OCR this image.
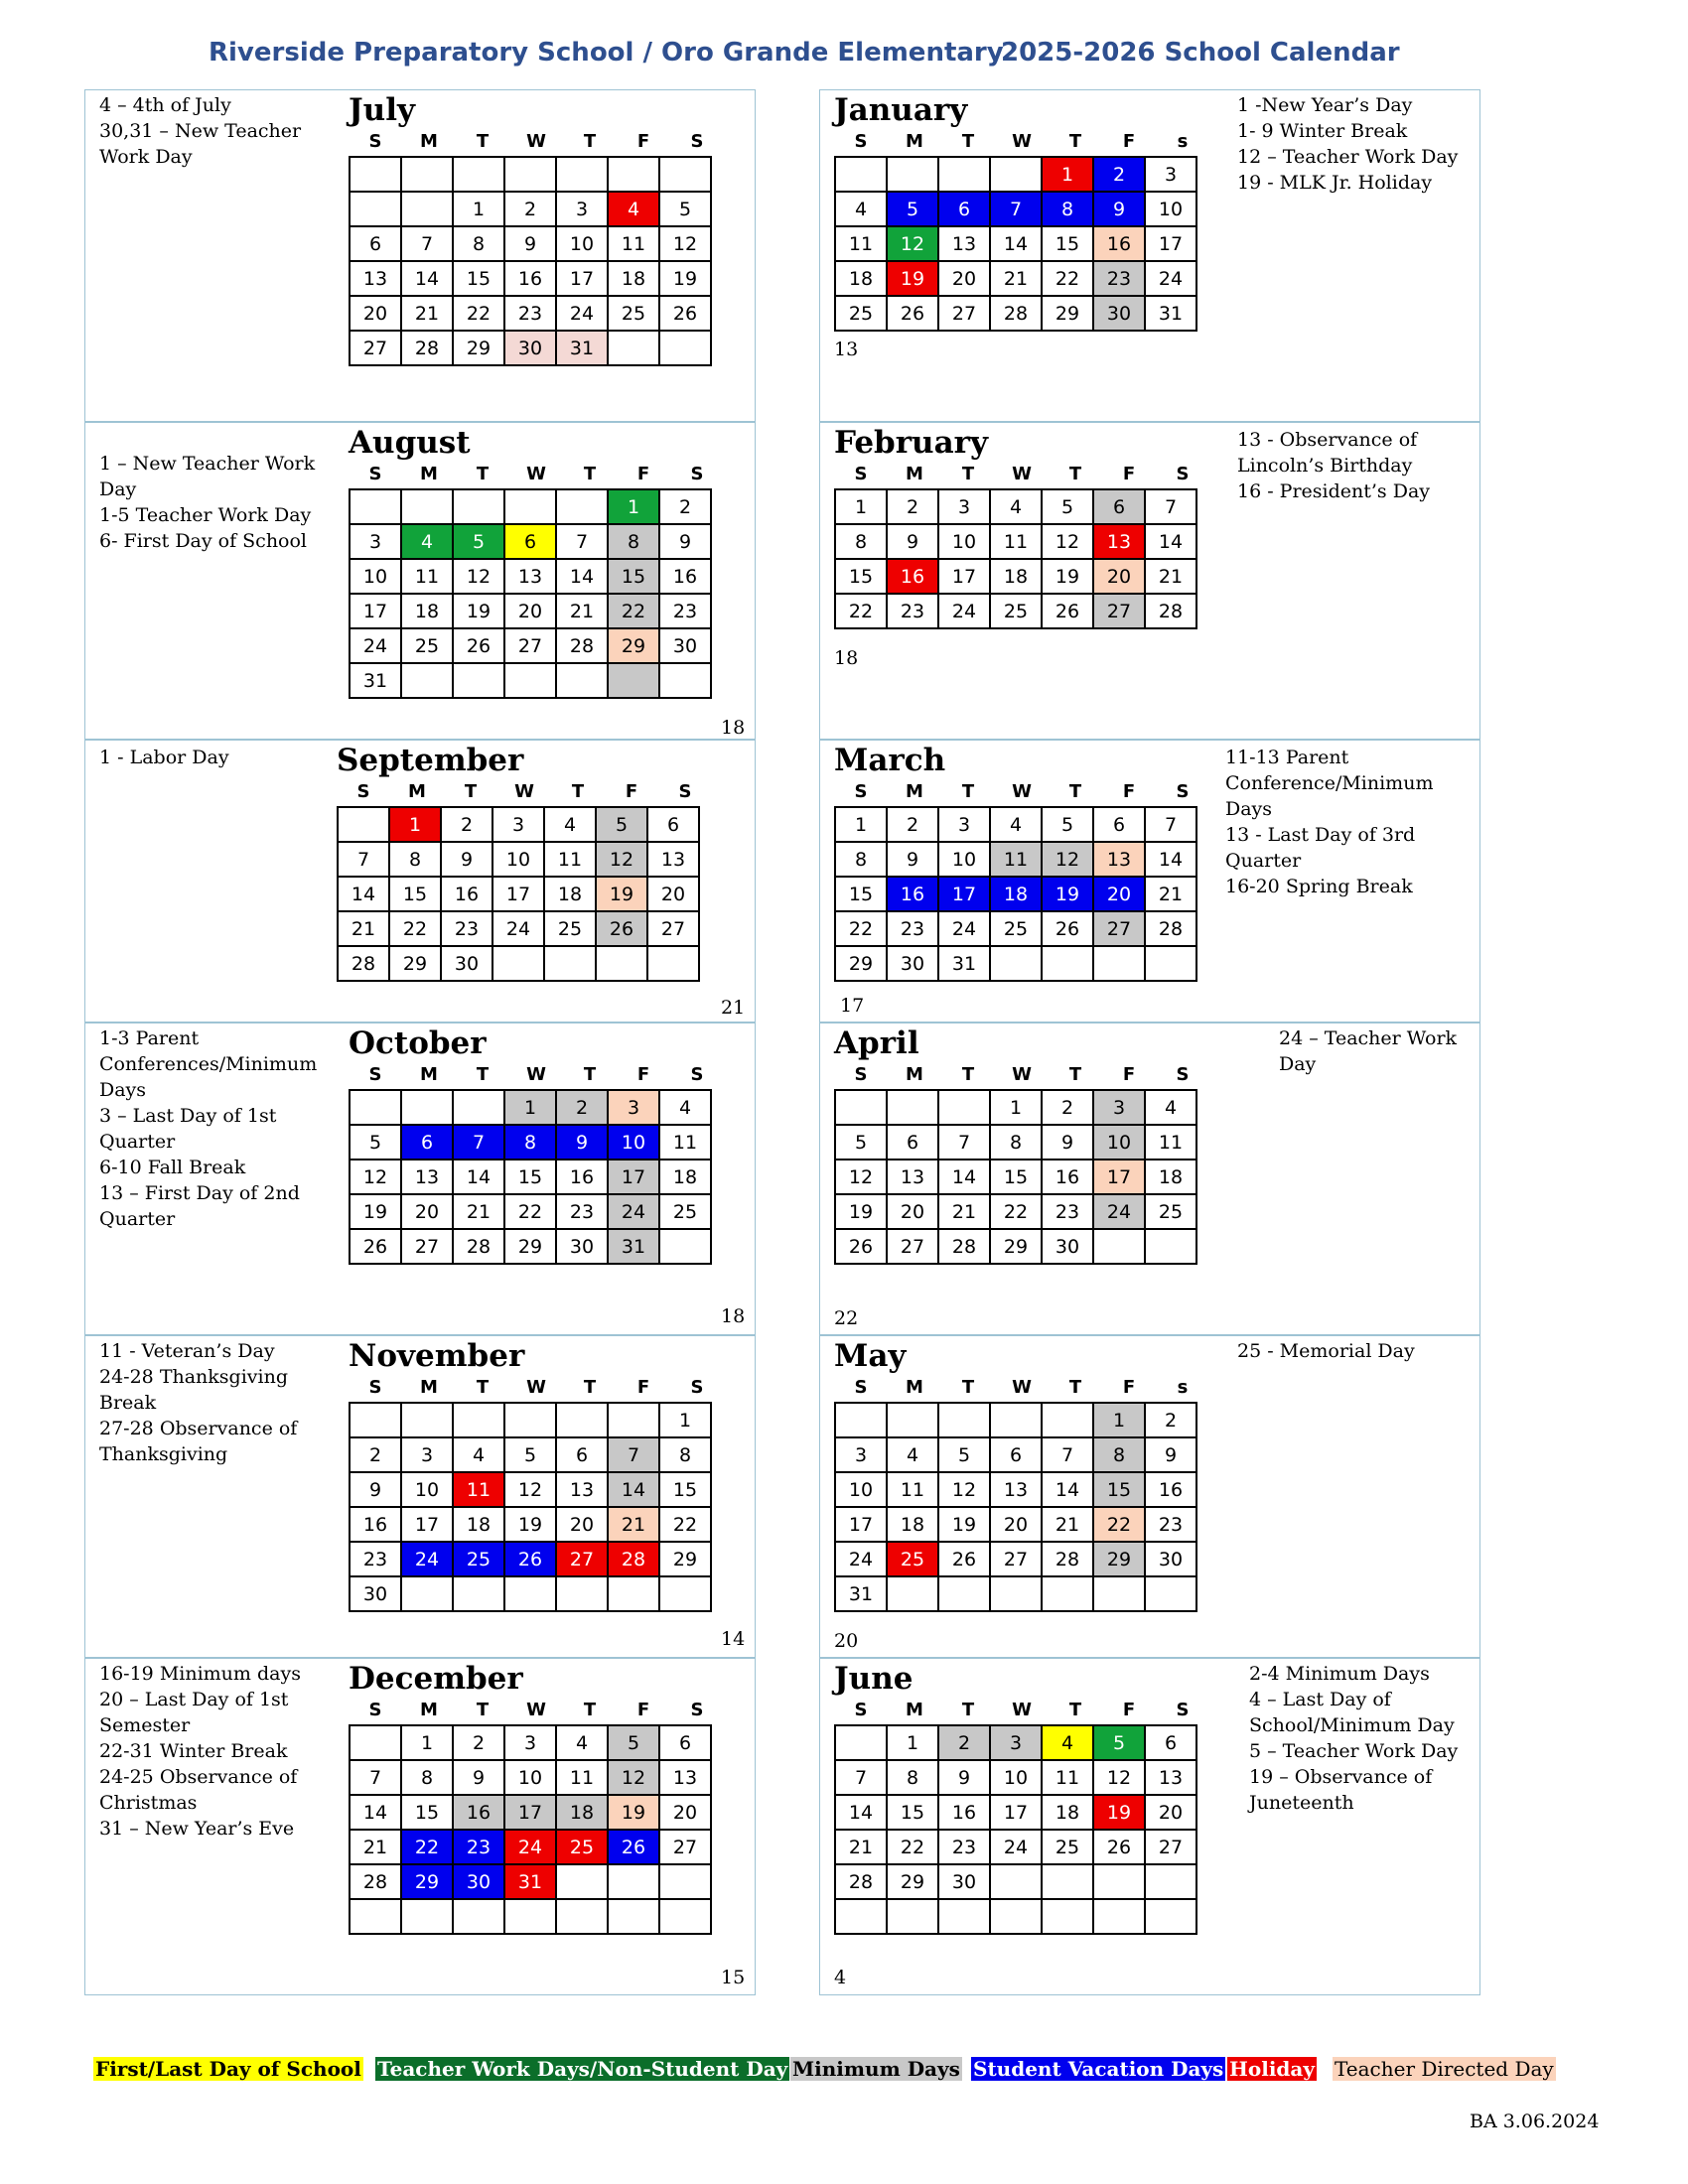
Riverside Preparatory School / Oro Grande Elementary
2025-2026 School Calendar
4 – 4th of July
30,31 – New Teacher
Work Day
July
S	M	T	W	T	F	S

		1	2	3	4	5
6	7	8	9	10	11	12
13	14	15	16	17	18	19
20	21	22	23	24	25	26
27	28	29	30	31		
1 -New Year’s Day
1- 9 Winter Break
12 – Teacher Work Day
19 - MLK Jr. Holiday
January
S	M	T	W	T	F	s
				1	2	3
4	5	6	7	8	9	10
11	12	13	14	15	16	17
18	19	20	21	22	23	24
25	26	27	28	29	30	31
13
1 – New Teacher Work
Day
1-5 Teacher Work Day
6- First Day of School
August
S	M	T	W	T	F	S
					1	2
3	4	5	6	7	8	9
10	11	12	13	14	15	16
17	18	19	20	21	22	23
24	25	26	27	28	29	30
31						
18
13 - Observance of
Lincoln’s Birthday
16 - President’s Day
February
S	M	T	W	T	F	S
1	2	3	4	5	6	7
8	9	10	11	12	13	14
15	16	17	18	19	20	21
22	23	24	25	26	27	28
18
1 - Labor Day	September
S	M	T	W	T	F	S
	1	2	3	4	5	6
7	8	9	10	11	12	13
14	15	16	17	18	19	20
21	22	23	24	25	26	27
28	29	30				
21
11-13 Parent
Conference/Minimum
Days
13 - Last Day of 3rd
Quarter
16-20 Spring Break
March
S	M	T	W	T	F	S
1	2	3	4	5	6	7
8	9	10	11	12	13	14
15	16	17	18	19	20	21
22	23	24	25	26	27	28
29	30	31				
17
1-3 Parent
Conferences/Minimum
Days
3 – Last Day of 1st
Quarter
6-10 Fall Break
13 – First Day of 2nd
Quarter
October
S	M	T	W	T	F	S
			1	2	3	4
5	6	7	8	9	10	11
12	13	14	15	16	17	18
19	20	21	22	23	24	25
26	27	28	29	30	31	
18
24 – Teacher Work
Day
April
S	M	T	W	T	F	S
			1	2	3	4
5	6	7	8	9	10	11
12	13	14	15	16	17	18
19	20	21	22	23	24	25
26	27	28	29	30		
22
11 - Veteran’s Day
24-28 Thanksgiving
Break
27-28 Observance of
Thanksgiving
November
S	M	T	W	T	F	S
						1
2	3	4	5	6	7	8
9	10	11	12	13	14	15
16	17	18	19	20	21	22
23	24	25	26	27	28	29
30						
14
25 - Memorial Day
May
S	M	T	W	T	F	s
					1	2
3	4	5	6	7	8	9
10	11	12	13	14	15	16
17	18	19	20	21	22	23
24	25	26	27	28	29	30
31						
20
16-19 Minimum days
20 – Last Day of 1st
Semester
22-31 Winter Break
24-25 Observance of
Christmas
31 – New Year’s Eve
December
S	M	T	W	T	F	S
	1	2	3	4	5	6
7	8	9	10	11	12	13
14	15	16	17	18	19	20
21	22	23	24	25	26	27
28	29	30	31			

15
2-4 Minimum Days
4 – Last Day of
School/Minimum Day
5 – Teacher Work Day
19 – Observance of
Juneteenth
June
S	M	T	W	T	F	S
	1	2	3	4	5	6
7	8	9	10	11	12	13
14	15	16	17	18	19	20
21	22	23	24	25	26	27
28	29	30				

4
First/Last Day of School Teacher Work Days/Non-Student Day Minimum Days Student Vacation Days Holiday Teacher Directed Day
BA 3.06.2024
